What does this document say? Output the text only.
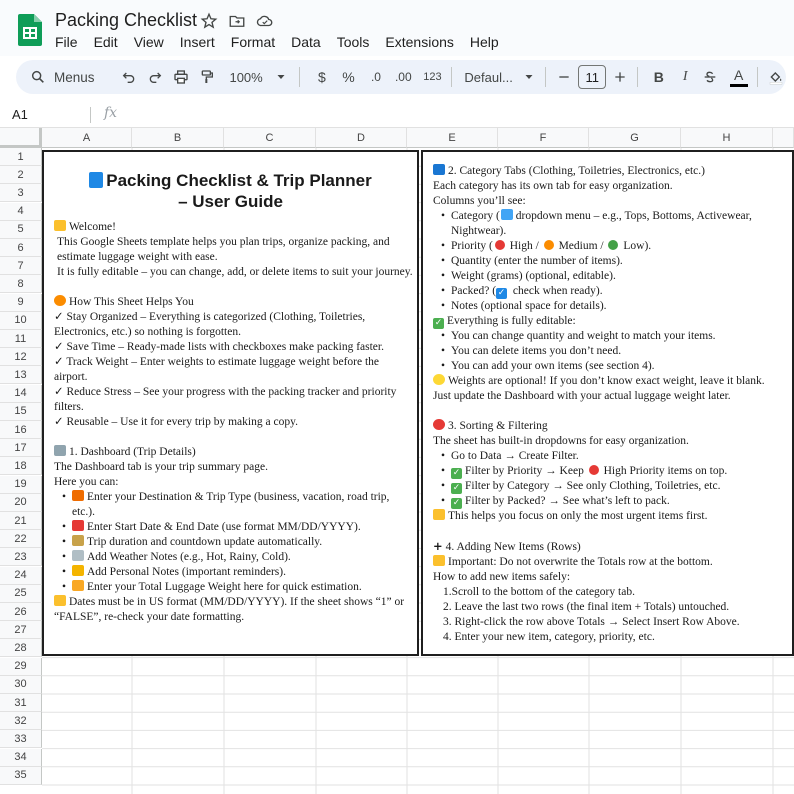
Packing Checklist
File	Edit	View	Insert	Format	Data	Tools	Extensions	Help
Menus	100%	$	% .0 .00 123 Defaul...	11	B	I	A
A1	fx
A	B	C	D	E	F	G	H
1
2
3
4
5
6
7
8
9
10
11
12
13
14
15
16
17
18
19
20
21
22
23
24
25
26
27
28
29
30
31
32
33
34
35
Packing Checklist & Trip Planner
– User Guide
Welcome!
This Google Sheets template helps you plan trips, organize packing, and estimate luggage weight with ease.
It is fully editable – you can change, add, or delete items to suit your journey.
How This Sheet Helps You
✓ Stay Organized – Everything is categorized (Clothing, Toiletries, Electronics, etc.) so nothing is forgotten.
✓ Save Time – Ready-made lists with checkboxes make packing faster.
✓ Track Weight – Enter weights to estimate luggage weight before the airport.
✓ Reduce Stress – See your progress with the packing tracker and priority filters.
✓ Reusable – Use it for every trip by making a copy.
1. Dashboard (Trip Details)
The Dashboard tab is your trip summary page.
Here you can:
• Enter your Destination & Trip Type (business, vacation, road trip, etc.).
• Enter Start Date & End Date (use format MM/DD/YYYY).
• Trip duration and countdown update automatically.
• Add Weather Notes (e.g., Hot, Rainy, Cold).
• Add Personal Notes (important reminders).
• Enter your Total Luggage Weight here for quick estimation.
Dates must be in US format (MM/DD/YYYY). If the sheet shows “1” or “FALSE”, re-check your date formatting.
2. Category Tabs (Clothing, Toiletries, Electronics, etc.)
Each category has its own tab for easy organization.
Columns you’ll see:
• Category ( dropdown menu – e.g., Tops, Bottoms, Activewear, Nightwear).
• Priority ( High /  Medium /  Low).
• Quantity (enter the number of items).
• Weight (grams) (optional, editable).
• Packed? ( ✓ check when ready).
• Notes (optional space for details).
✓ Everything is fully editable:
• You can change quantity and weight to match your items.
• You can delete items you don’t need.
• You can add your own items (see section 4).
Weights are optional! If you don’t know exact weight, leave it blank. Just update the Dashboard with your actual luggage weight later.
3. Sorting & Filtering
The sheet has built-in dropdowns for easy organization.
• Go to Data → Create Filter.
• ✓ Filter by Priority → Keep  High Priority items on top.
• ✓ Filter by Category → See only Clothing, Toiletries, etc.
• ✓ Filter by Packed? → See what’s left to pack.
This helps you focus on only the most urgent items first.
+ 4. Adding New Items (Rows)
Important: Do not overwrite the Totals row at the bottom.
How to add new items safely:
1.Scroll to the bottom of the category tab.
2. Leave the last two rows (the final item + Totals) untouched.
3. Right-click the row above Totals → Select Insert Row Above.
4. Enter your new item, category, priority, etc.
